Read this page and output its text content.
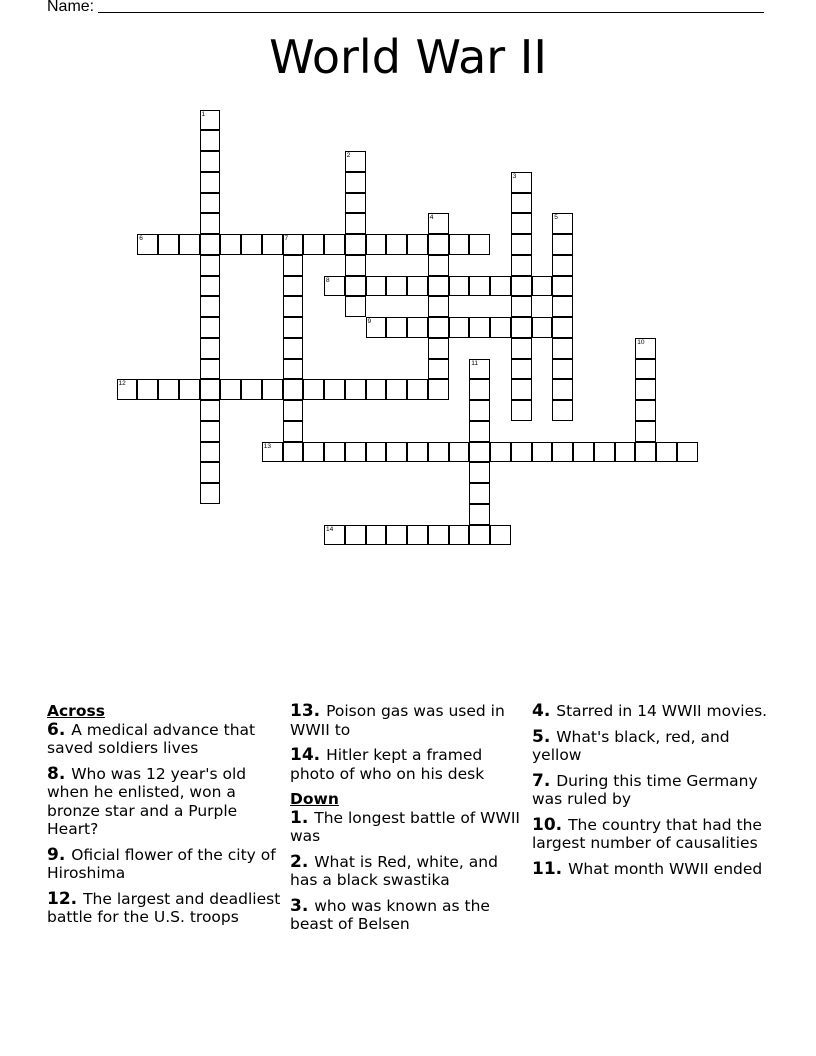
Name:
World War II
1
2
3
4	5
6	7
8
9
10
11
12
13
14
Across
6. A medical advance that saved soldiers lives
8. Who was 12 year's old when he enlisted, won a bronze star and a Purple Heart?
9. Oficial flower of the city of Hiroshima
12. The largest and deadliest battle for the U.S. troops
13. Poison gas was used in WWII to
14. Hitler kept a framed photo of who on his desk
Down
1. The longest battle of WWII was
2. What is Red, white, and has a black swastika
3. who was known as the beast of Belsen
4. Starred in 14 WWII movies.
5. What's black, red, and yellow
7. During this time Germany was ruled by
10. The country that had the largest number of causalities
11. What month WWII ended
